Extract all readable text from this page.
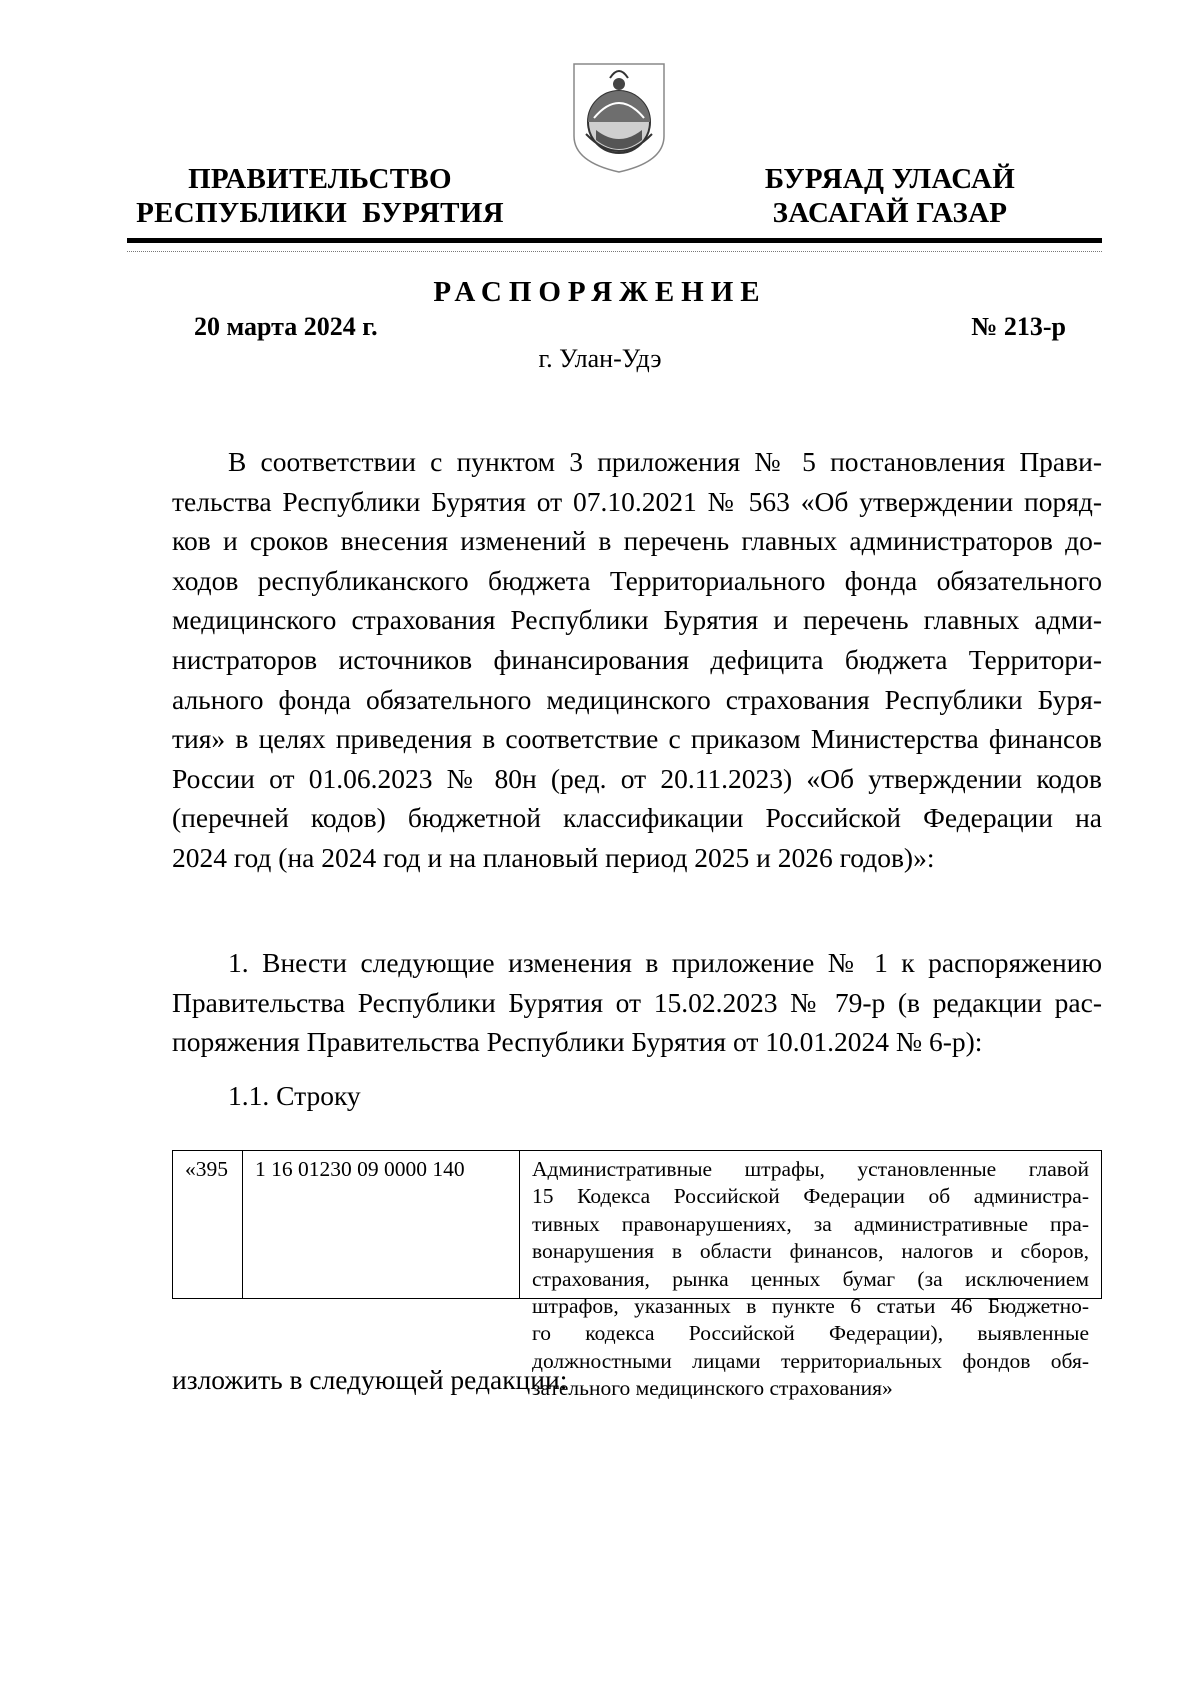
ПРАВИТЕЛЬСТВО
РЕСПУБЛИКИ  БУРЯТИЯ
БУРЯАД УЛАСАЙ
ЗАСАГАЙ ГАЗАР
РАСПОРЯЖЕНИЕ
20 марта 2024 г.	№ 213-р
г. Улан-Удэ
В соответствии с пунктом 3 приложения № 5 постановления Прави-
тельства Республики Бурятия от 07.10.2021 № 563 «Об утверждении поряд-
ков и сроков внесения изменений в перечень главных администраторов до-
ходов республиканского бюджета Территориального фонда обязательного
медицинского страхования Республики Бурятия и перечень главных адми-
нистраторов источников финансирования дефицита бюджета Территори-
ального фонда обязательного медицинского страхования Республики Буря-
тия» в целях приведения в соответствие с приказом Министерства финансов
России от 01.06.2023 № 80н (ред. от 20.11.2023) «Об утверждении кодов
(перечней кодов) бюджетной классификации Российской Федерации на
2024 год (на 2024 год и на плановый период 2025 и 2026 годов)»:
1. Внести следующие изменения в приложение № 1 к распоряжению
Правительства Республики Бурятия от 15.02.2023 № 79-р (в редакции рас-
поряжения Правительства Республики Бурятия от 10.01.2024 № 6-р):
1.1. Строку
«395	1 16 01230 09 0000 140	Административные штрафы, установленные главой
15 Кодекса Российской Федерации об администра-
тивных правонарушениях, за административные пра-
вонарушения в области финансов, налогов и сборов,
страхования, рынка ценных бумаг (за исключением
штрафов, указанных в пункте 6 статьи 46 Бюджетно-
го кодекса Российской Федерации), выявленные
должностными лицами территориальных фондов обя-
зательного медицинского страхования»
изложить в следующей редакции:
